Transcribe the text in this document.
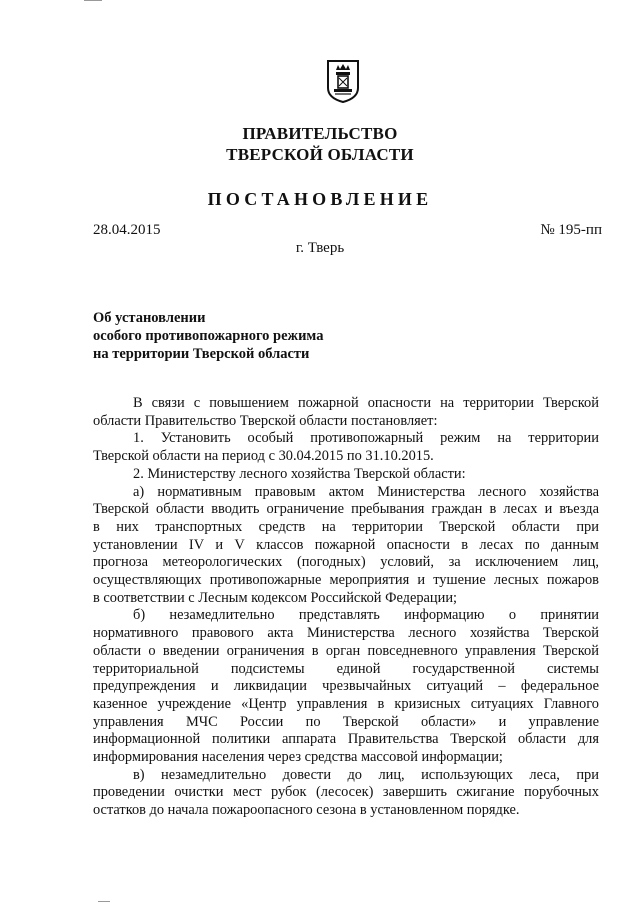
ПРАВИТЕЛЬСТВО
ТВЕРСКОЙ ОБЛАСТИ
ПОСТАНОВЛЕНИЕ
28.04.2015	№ 195-пп
г. Тверь
Об установлении
особого противопожарного режима
на территории Тверской области
В связи с повышением пожарной опасности на территории Тверской
области Правительство Тверской области постановляет:
1. Установить особый противопожарный режим на территории
Тверской области на период с 30.04.2015 по 31.10.2015.
2. Министерству лесного хозяйства Тверской области:
а) нормативным правовым актом Министерства лесного хозяйства
Тверской области вводить ограничение пребывания граждан в лесах и въезда
в них транспортных средств на территории Тверской области при
установлении IV и V классов пожарной опасности в лесах по данным
прогноза метеорологических (погодных) условий, за исключением лиц,
осуществляющих противопожарные мероприятия и тушение лесных пожаров
в соответствии с Лесным кодексом Российской Федерации;
б) незамедлительно представлять информацию о принятии
нормативного правового акта Министерства лесного хозяйства Тверской
области о введении ограничения в орган повседневного управления Тверской
территориальной подсистемы единой государственной системы
предупреждения и ликвидации чрезвычайных ситуаций – федеральное
казенное учреждение «Центр управления в кризисных ситуациях Главного
управления МЧС России по Тверской области» и управление
информационной политики аппарата Правительства Тверской области для
информирования населения через средства массовой информации;
в) незамедлительно довести до лиц, использующих леса, при
проведении очистки мест рубок (лесосек) завершить сжигание порубочных
остатков до начала пожароопасного сезона в установленном порядке.
